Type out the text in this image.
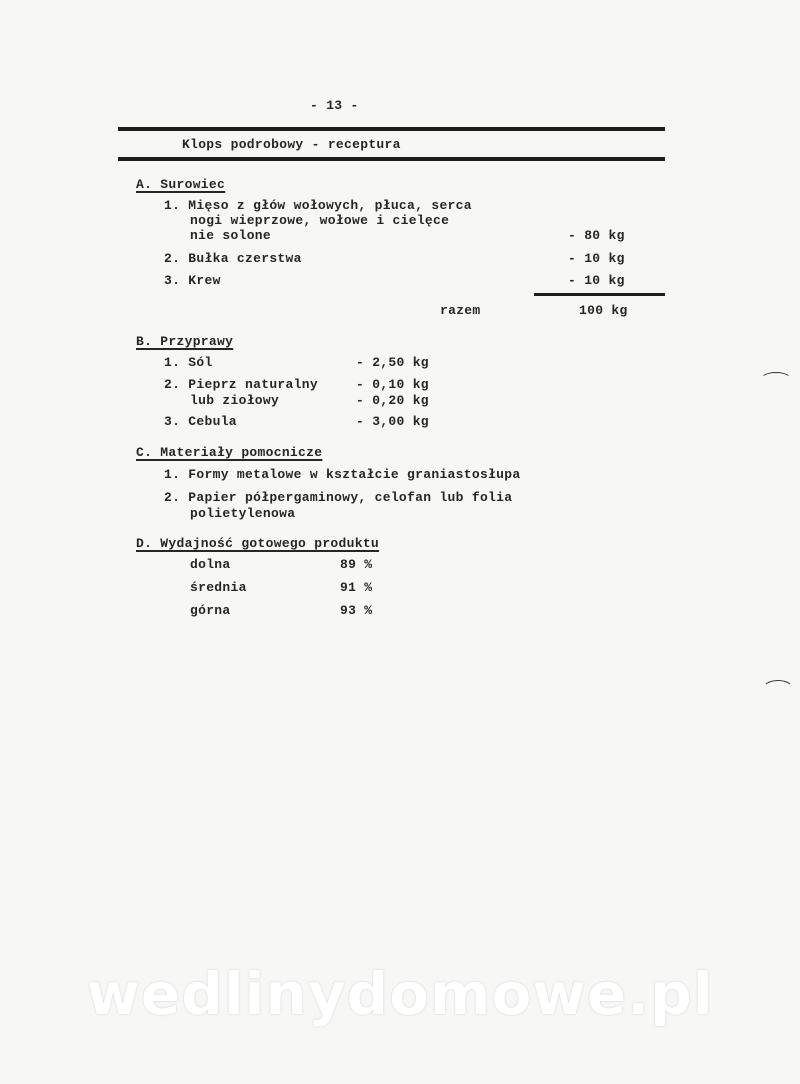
- 13 -
Klops podrobowy - receptura
A. Surowiec
1. Mięso z głów wołowych, płuca, serca
nogi wieprzowe, wołowe i cielęce
nie solone	- 80 kg
2. Bułka czerstwa	- 10 kg
3. Krew	- 10 kg
razem	100 kg
B. Przyprawy
1. Sól	- 2,50 kg
2. Pieprz naturalny	- 0,10 kg
lub ziołowy	- 0,20 kg
3. Cebula	- 3,00 kg
C. Materiały pomocnicze
1. Formy metalowe w kształcie graniastosłupa
2. Papier półpergaminowy, celofan lub folia
polietylenowa
D. Wydajność gotowego produktu
dolna	89 %
średnia	91 %
górna	93 %
wedlinydomowe.pl
